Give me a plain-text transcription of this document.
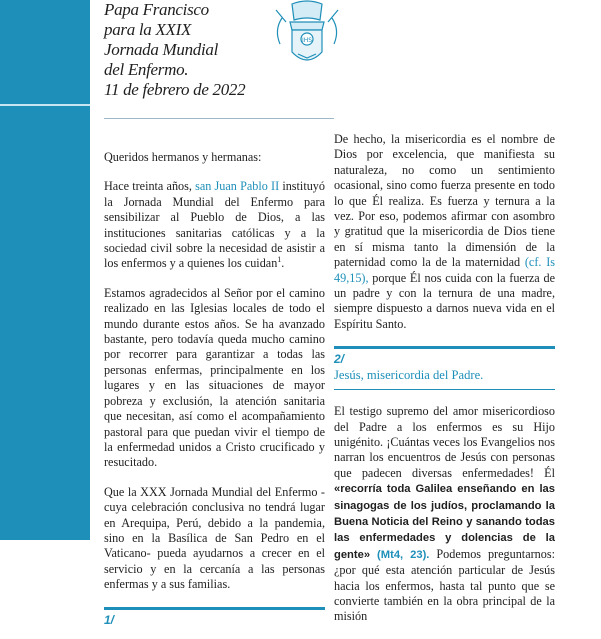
Papa Francisco
para la XXIX
Jornada Mundial
del Enfermo.
11 de febrero de 2022
IHS

Queridos hermanos y hermanas:

Hace treinta años, san Juan Pablo II instituyó la Jornada Mundial del Enfermo para sensibilizar al Pueblo de Dios, a las instituciones sanitarias católicas y a la sociedad civil sobre la necesidad de asistir a los enfermos y a quienes los cuidan$^1$.

Estamos agradecidos al Señor por el camino realizado en las Iglesias locales de todo el mundo durante estos años. Se ha avanzado bastante, pero todavía queda mucho camino por recorrer para garantizar a todas las personas enfermas, principalmente en los lugares y en las situaciones de mayor pobreza y exclusión, la atención sanitaria que necesitan, así como el acompañamiento pastoral para que puedan vivir el tiempo de la enfermedad unidos a Cristo crucificado y resucitado.

Que la XXX Jornada Mundial del Enfermo -cuya celebración conclusiva no tendrá lugar en Arequipa, Perú, debido a la pandemia, sino en la Basílica de San Pedro en el Vaticano- pueda ayudarnos a crecer en el servicio y en la cercanía a las personas enfermas y a sus familias.

1/

De hecho, la misericordia es el nombre de Dios por excelencia, que manifiesta su naturaleza, no como un sentimiento ocasional, sino como fuerza presente en todo lo que Él realiza. Es fuerza y ternura a la vez. Por eso, podemos afirmar con asombro y gratitud que la misericordia de Dios tiene en sí misma tanto la dimensión de la paternidad como la de la maternidad (cf. Is 49,15), porque Él nos cuida con la fuerza de un padre y con la ternura de una madre, siempre dispuesto a darnos nueva vida en el Espíritu Santo.

2/

Jesús, misericordia del Padre.

El testigo supremo del amor misericordioso del Padre a los enfermos es su Hijo unigénito. ¡Cuántas veces los Evangelios nos narran los encuentros de Jesús con personas que padecen diversas enfermedades! Él «recorría toda Galilea enseñando en las sinagogas de los judíos, proclamando la Buena Noticia del Reino y sanando todas las enfermedades y dolencias de la gente» (Mt4, 23). Podemos preguntarnos: ¿por qué esta atención particular de Jesús hacia los enfermos, hasta tal punto que se convierte también en la obra principal de la misión
